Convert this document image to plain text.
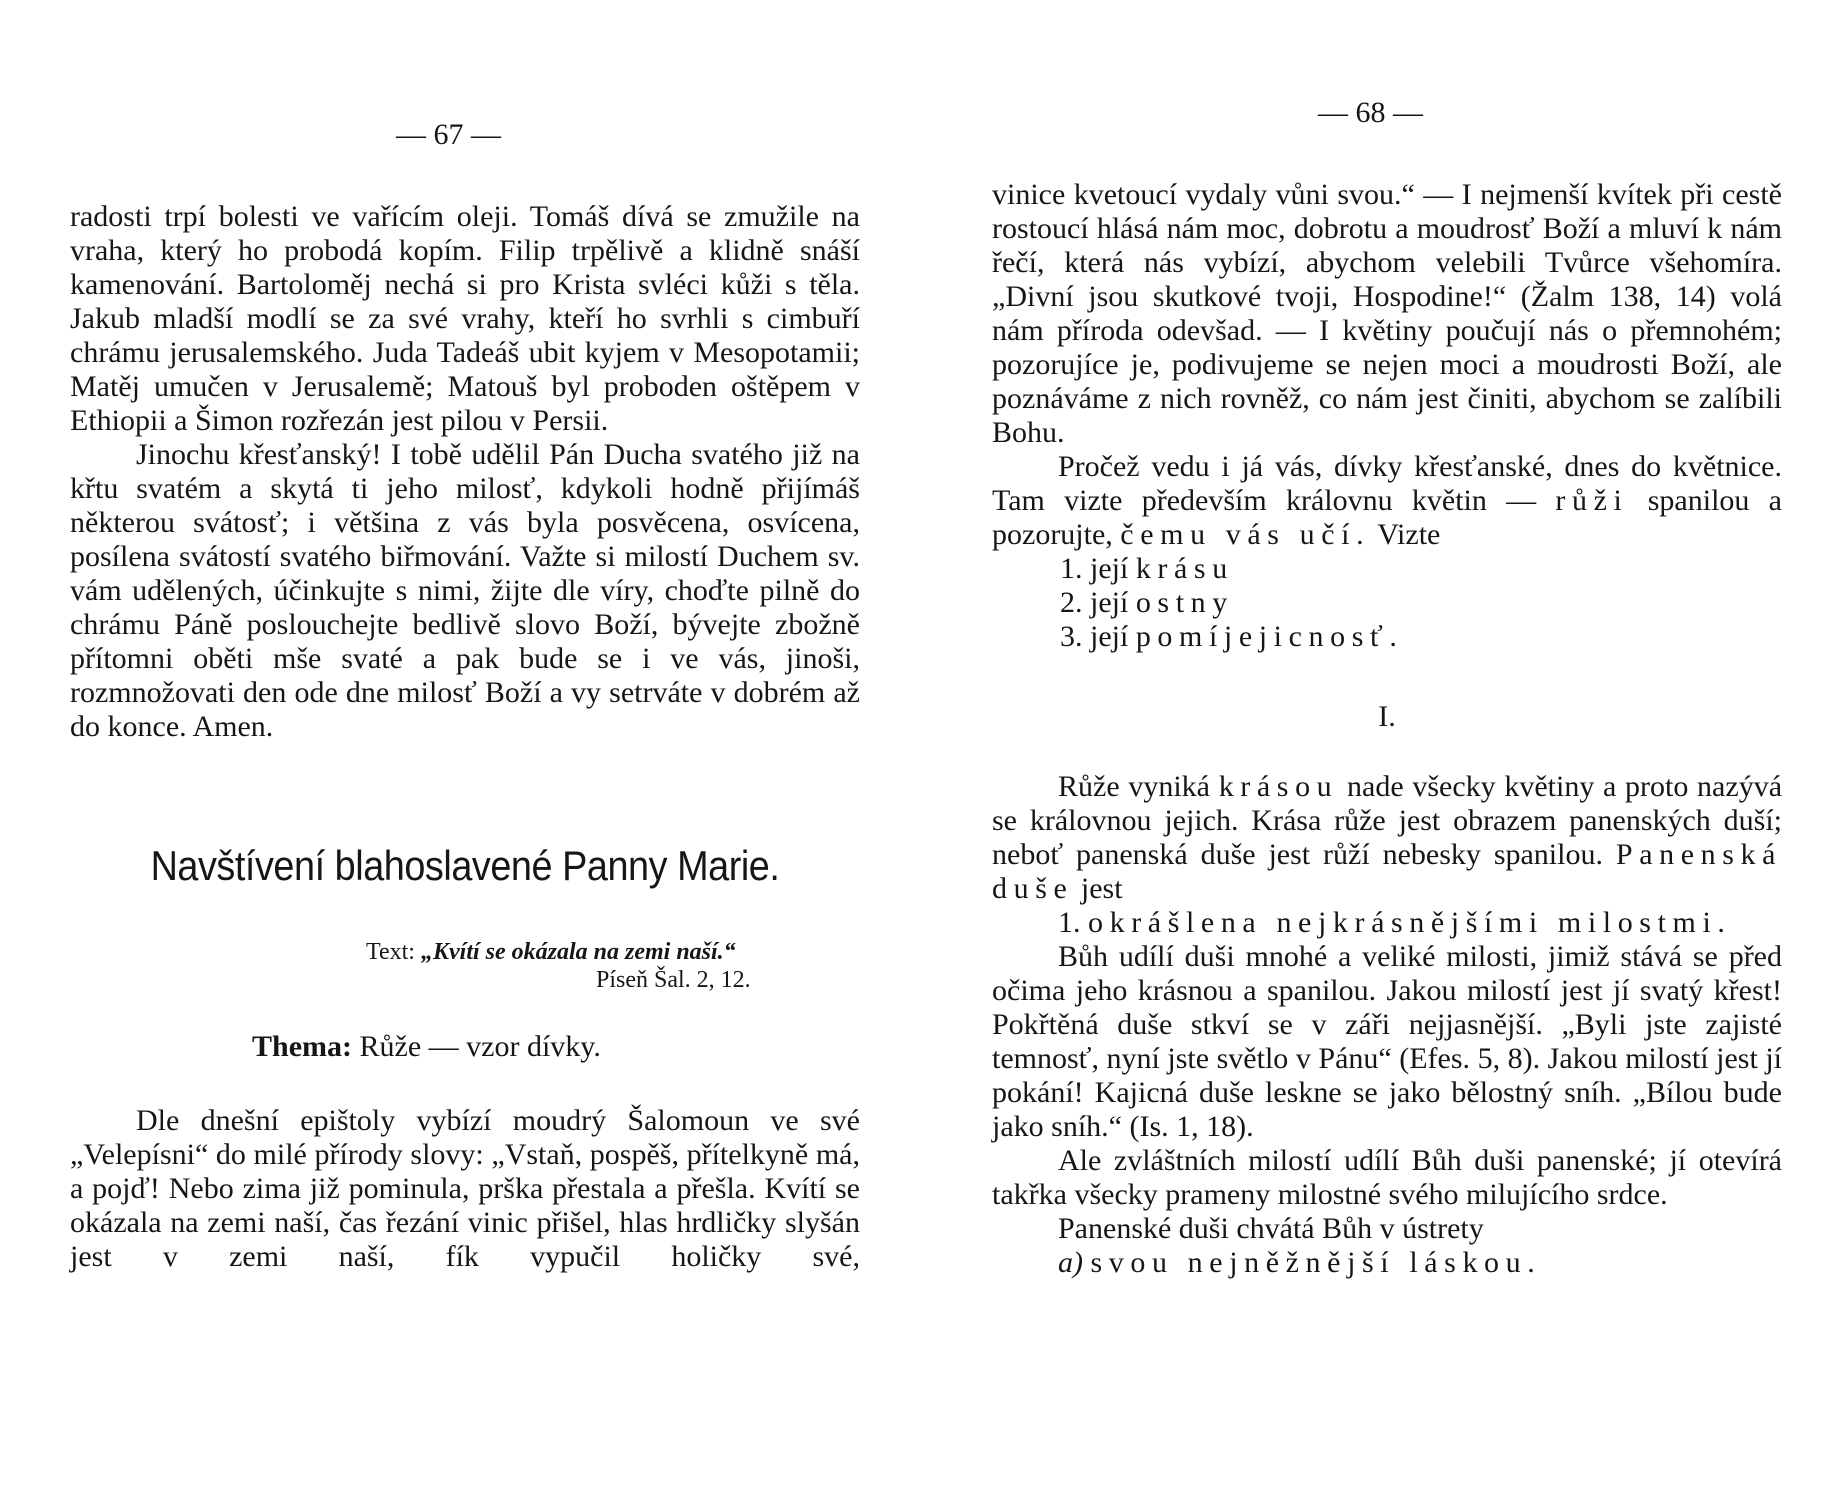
— 67 —

radosti trpí bolesti ve vařícím oleji. Tomáš dívá se zmužile na vraha, který ho probodá kopím. Filip trpělivě a klidně snáší kamenování. Bartoloměj nechá si pro Krista svléci kůži s těla. Jakub mladší modlí se za své vrahy, kteří ho svrhli s cimbuří chrámu jerusalemského. Juda Tadeáš ubit kyjem v Mesopotamii; Matěj umučen v Jerusalemě; Matouš byl proboden oštěpem v Ethiopii a Šimon rozřezán jest pilou v Persii.

Jinochu křesťanský! I tobě udělil Pán Ducha svatého již na křtu svatém a skytá ti jeho milosť, kdykoli hodně přijímáš některou svátosť; i většina z vás byla posvěcena, osvícena, posílena svátostí svatého biřmování. Važte si milostí Duchem sv. vám udělených, účinkujte s nimi, žijte dle víry, choďte pilně do chrámu Páně poslouchejte bedlivě slovo Boží, bývejte zbožně přítomni oběti mše svaté a pak bude se i ve vás, jinoši, rozmnožovati den ode dne milosť Boží a vy setrváte v dobrém až do konce. Amen.

Navštívení blahoslavené Panny Marie.
Text: „Kvítí se okázala na zemi naší.“
Píseň Šal. 2, 12.
Thema: Růže — vzor dívky.

Dle dnešní epištoly vybízí moudrý Šalomoun ve své „Velepísni“ do milé přírody slovy: „Vstaň, pospěš, přítelkyně má, a pojď! Nebo zima již pominula, prška přestala a přešla. Kvítí se okázala na zemi naší, čas řezání vinic přišel, hlas hrdličky slyšán jest v zemi naší, fík vypučil holičky své,

— 68 —

vinice kvetoucí vydaly vůni svou.“ — I nejmenší kvítek při cestě rostoucí hlásá nám moc, dobrotu a moudrosť Boží a mluví k nám řečí, která nás vybízí, abychom velebili Tvůrce všehomíra. „Divní jsou skutkové tvoji, Hospodine!“ (Žalm 138, 14) volá nám příroda odevšad. — I květiny poučují nás o přemnohém; pozorujíce je, podivujeme se nejen moci a moudrosti Boží, ale poznáváme z nich rovněž, co nám jest činiti, abychom se zalíbili Bohu.

Pročež vedu i já vás, dívky křesťanské, dnes do květnice. Tam vizte především královnu květin — růži spanilou a pozorujte, čemu vás učí. Vizte

1. její krásu
2. její ostny
3. její pomíjejicnosť.
I.

Růže vyniká krásou nade všecky květiny a proto nazývá se královnou jejich. Krása růže jest obrazem panenských duší; neboť panenská duše jest růží nebesky spanilou. Panenská duše jest

1. okrášlena nejkrásnějšími milostmi.

Bůh udílí duši mnohé a veliké milosti, jimiž stává se před očima jeho krásnou a spanilou. Jakou milostí jest jí svatý křest! Pokřtěná duše stkví se v záři nejjasnější. „Byli jste zajisté temnosť, nyní jste světlo v Pánu“ (Efes. 5, 8). Jakou milostí jest jí pokání! Kajicná duše leskne se jako bělostný sníh. „Bílou bude jako sníh.“ (Is. 1, 18).

Ale zvláštních milostí udílí Bůh duši panenské; jí otevírá takřka všecky prameny milostné svého milujícího srdce.

Panenské duši chvátá Bůh v ústrety

a) svou nejněžnější láskou.
